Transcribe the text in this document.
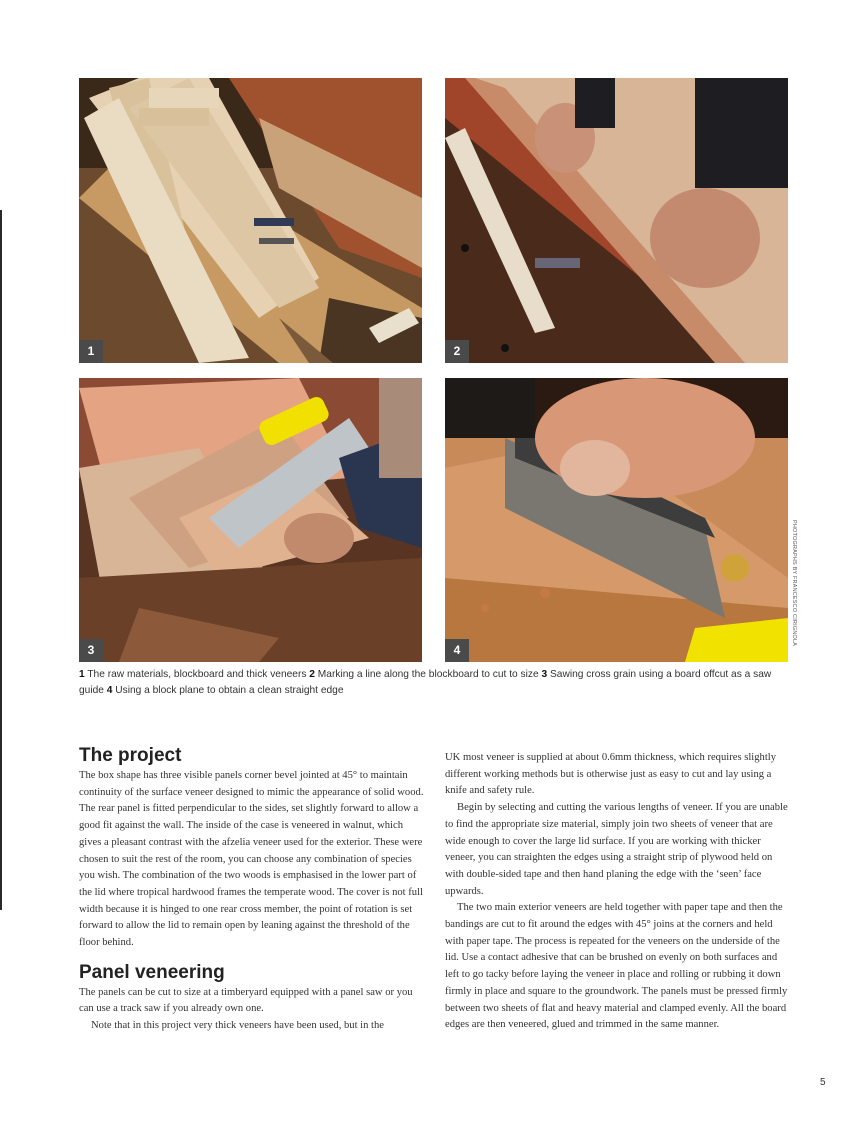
1	2
3	4
PHOTOGRAPHS BY FRANCESCO CIRIGNOLA
1 The raw materials, blockboard and thick veneers 2 Marking a line along the blockboard to cut to size 3 Sawing cross grain using a board offcut as a saw guide 4 Using a block plane to obtain a clean straight edge
The project

The box shape has three visible panels corner bevel jointed at 45° to maintain continuity of the surface veneer designed to mimic the appearance of solid wood. The rear panel is fitted perpendicular to the sides, set slightly forward to allow a good fit against the wall. The inside of the case is veneered in walnut, which gives a pleasant contrast with the afzelia veneer used for the exterior. These were chosen to suit the rest of the room, you can choose any combination of species you wish. The combination of the two woods is emphasised in the lower part of the lid where tropical hardwood frames the temperate wood. The cover is not full width because it is hinged to one rear cross member, the point of rotation is set forward to allow the lid to remain open by leaning against the threshold of the floor behind.

Panel veneering

The panels can be cut to size at a timberyard equipped with a panel saw or you can use a track saw if you already own one.

Note that in this project very thick veneers have been used, but in the

UK most veneer is supplied at about 0.6mm thickness, which requires slightly different working methods but is otherwise just as easy to cut and lay using a knife and safety rule.

Begin by selecting and cutting the various lengths of veneer. If you are unable to find the appropriate size material, simply join two sheets of veneer that are wide enough to cover the large lid surface. If you are working with thicker veneer, you can straighten the edges using a straight strip of plywood held on with double-sided tape and then hand planing the edge with the ‘seen’ face upwards.

The two main exterior veneers are held together with paper tape and then the bandings are cut to fit around the edges with 45° joins at the corners and held with paper tape. The process is repeated for the veneers on the underside of the lid. Use a contact adhesive that can be brushed on evenly on both surfaces and left to go tacky before laying the veneer in place and rolling or rubbing it down firmly in place and square to the groundwork. The panels must be pressed firmly between two sheets of flat and heavy material and clamped evenly. All the board edges are then veneered, glued and trimmed in the same manner.

5
